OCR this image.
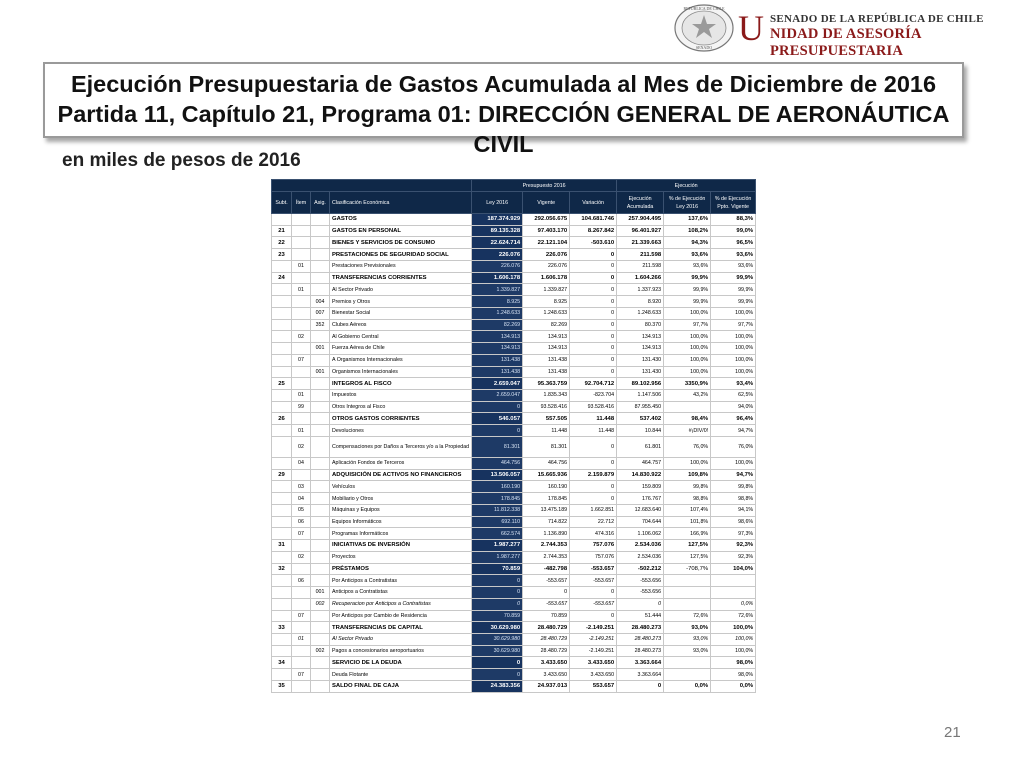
REPÚBLICA DE CHILE
SENADO U SENADO DE LA REPÚBLICA DE CHILE
NIDAD DE ASESORÍA PRESUPUESTARIA
Ejecución Presupuestaria de Gastos Acumulada al Mes de Diciembre de 2016
Partida 11, Capítulo 21, Programa 01: DIRECCIÓN GENERAL DE AERONÁUTICA CIVIL
en miles de pesos de 2016
				Presupuesto 2016			Ejecución		
Subt.	Ítem	Asig.	Clasificación Económica	Ley 2016	Vigente	Variación	Ejecución Acumulada	% de Ejecución Ley 2016	% de Ejecución Ppto. Vigente
			GASTOS	187.374.929	292.056.675	104.681.746	257.904.495	137,6%	88,3%
21			GASTOS EN PERSONAL	89.135.328	97.403.170	8.267.842	96.401.927	108,2%	99,0%
22			BIENES Y SERVICIOS DE CONSUMO	22.624.714	22.121.104	-503.610	21.339.663	94,3%	96,5%
23			PRESTACIONES DE SEGURIDAD SOCIAL	226.076	226.076	0	211.598	93,6%	93,6%
	01		Prestaciones Previsionales	226.076	226.076	0	211.598	93,6%	93,6%
24			TRANSFERENCIAS CORRIENTES	1.606.178	1.606.178	0	1.604.266	99,9%	99,9%
	01		Al Sector Privado	1.339.827	1.339.827	0	1.337.923	99,9%	99,9%
		004	Premios y Otros	8.925	8.925	0	8.920	99,9%	99,9%
		007	Bienestar Social	1.248.633	1.248.633	0	1.248.633	100,0%	100,0%
		352	Clubes Aéreos	82.269	82.269	0	80.370	97,7%	97,7%
	02		Al Gobierno Central	134.913	134.913	0	134.913	100,0%	100,0%
		001	Fuerza Aérea de Chile	134.913	134.913	0	134.913	100,0%	100,0%
	07		A Organismos Internacionales	131.438	131.438	0	131.430	100,0%	100,0%
		001	Organismos Internacionales	131.438	131.438	0	131.430	100,0%	100,0%
25			INTEGROS AL FISCO	2.659.047	95.363.759	92.704.712	89.102.956	3350,9%	93,4%
	01		Impuestos	2.659.047	1.835.343	-823.704	1.147.506	43,2%	62,5%
	99		Otros Integros al Fisco	0	93.528.416	93.528.416	87.955.450		94,0%
26			OTROS GASTOS CORRIENTES	546.057	557.505	11.448	537.402	98,4%	96,4%
	01		Devoluciones	0	11.448	11.448	10.844	#¡DIV/0!	94,7%
	02		Compensaciones por Daños a Terceros y/o a la Propiedad	81.301	81.301	0	61.801	76,0%	76,0%
	04		Aplicación Fondos de Terceros	464.756	464.756	0	464.757	100,0%	100,0%
29			ADQUISICIÓN DE ACTIVOS NO FINANCIEROS	13.506.057	15.665.936	2.159.879	14.830.922	109,8%	94,7%
	03		Vehículos	160.190	160.190	0	159.809	99,8%	99,8%
	04		Mobiliario y Otros	178.845	178.845	0	176.767	98,8%	98,8%
	05		Máquinas y Equipos	11.812.338	13.475.189	1.662.851	12.683.640	107,4%	94,1%
	06		Equipos Informáticos	692.110	714.822	22.712	704.644	101,8%	98,6%
	07		Programas Informáticos	662.574	1.136.890	474.316	1.106.062	166,9%	97,3%
31			INICIATIVAS DE INVERSIÓN	1.987.277	2.744.353	757.076	2.534.036	127,5%	92,3%
	02		Proyectos	1.987.277	2.744.353	757.076	2.534.036	127,5%	92,3%
32			PRÉSTAMOS	70.859	-482.798	-553.657	-502.212	-708,7%	104,0%
	06		Por Anticipos a Contratistas	0	-553.657	-553.657	-553.656		
		001	Anticipos a Contratistas	0	0	0	-553.656		
		002	Recuperacion por Anticipos a Contratistas	0	-553.657	-553.657	0		0,0%
	07		Por Anticipos por Cambio de Residencia	70.859	70.859	0	51.444	72,6%	72,6%
33			TRANSFERENCIAS DE CAPITAL	30.629.980	28.480.729	-2.149.251	28.480.273	93,0%	100,0%
	01		Al Sector Privado	30.629.980	28.480.729	-2.149.251	28.480.273	93,0%	100,0%
		002	Pagos a concesionarios aeroportuarios	30.629.980	28.480.729	-2.149.251	28.480.273	93,0%	100,0%
34			SERVICIO DE LA DEUDA	0	3.433.650	3.433.650	3.363.664		98,0%
	07		Deuda Flotante	0	3.433.650	3.433.650	3.363.664		98,0%
35			SALDO FINAL DE CAJA	24.383.356	24.937.013	553.657	0	0,0%	0,0%
21
